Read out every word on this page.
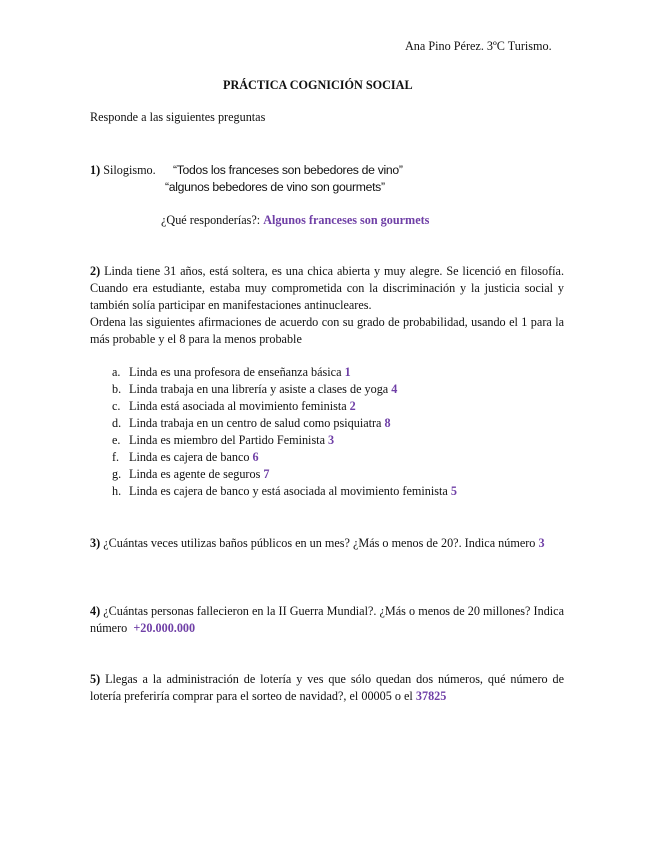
Ana Pino Pérez. 3ºC Turismo.
PRÁCTICA COGNICIÓN SOCIAL
Responde a las siguientes preguntas
1) Silogismo. “Todos los franceses son bebedores de vino”
“algunos bebedores de vino son gourmets”
¿Qué responderías?: Algunos franceses son gourmets
2) Linda tiene 31 años, está soltera, es una chica abierta y muy alegre. Se licenció en filosofía. Cuando era estudiante, estaba muy comprometida con la discriminación y la justicia social y también solía participar en manifestaciones antinucleares.
Ordena las siguientes afirmaciones de acuerdo con su grado de probabilidad, usando el 1 para la más probable y el 8 para la menos probable
a. Linda es una profesora de enseñanza básica 1
b. Linda trabaja en una librería y asiste a clases de yoga 4
c. Linda está asociada al movimiento feminista 2
d. Linda trabaja en un centro de salud como psiquiatra 8
e. Linda es miembro del Partido Feminista 3
f. Linda es cajera de banco 6
g. Linda es agente de seguros 7
h. Linda es cajera de banco y está asociada al movimiento feminista 5
3) ¿Cuántas veces utilizas baños públicos en un mes? ¿Más o menos de 20?. Indica número 3
4) ¿Cuántas personas fallecieron en la II Guerra Mundial?. ¿Más o menos de 20 millones? Indica número +20.000.000
5) Llegas a la administración de lotería y ves que sólo quedan dos números, qué número de lotería preferiría comprar para el sorteo de navidad?, el 00005 o el 37825
